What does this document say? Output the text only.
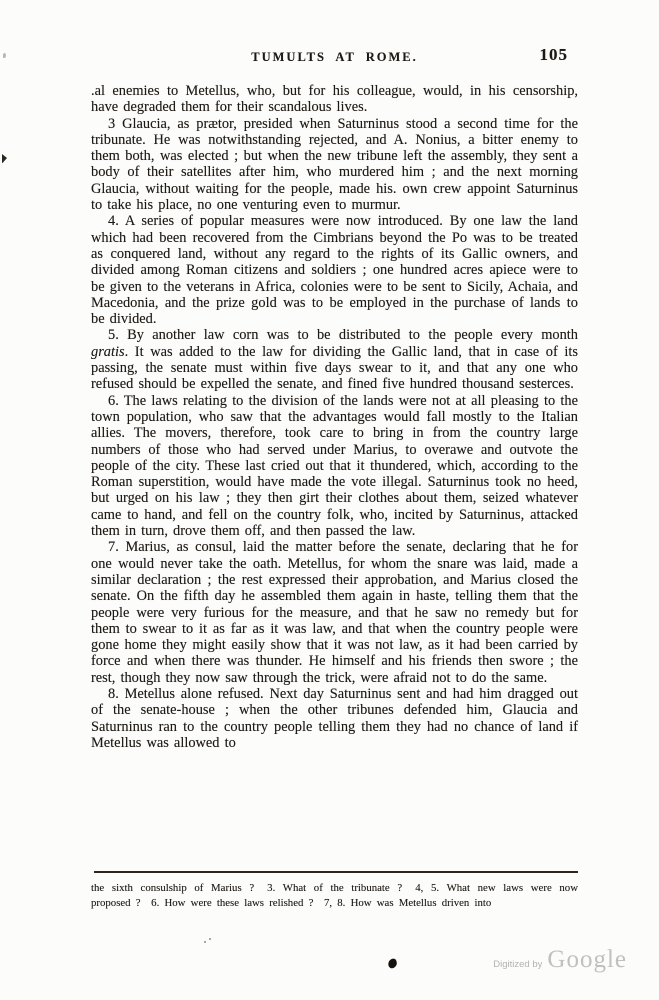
TUMULTS AT ROME.	105

.al enemies to Metellus, who, but for his colleague, would, in his censorship, have degraded them for their scandalous lives.

3 Glaucia, as prætor, presided when Saturninus stood a second time for the tribunate. He was notwithstanding rejected, and A. Nonius, a bitter enemy to them both, was elected ; but when the new tribune left the assembly, they sent a body of their satellites after him, who murdered him ; and the next morning Glaucia, without waiting for the people, made his. own crew appoint Saturninus to take his place, no one venturing even to murmur.

4. A series of popular measures were now introduced. By one law the land which had been recovered from the Cimbrians beyond the Po was to be treated as conquered land, without any regard to the rights of its Gallic owners, and divided among Roman citizens and soldiers ; one hundred acres apiece were to be given to the veterans in Africa, colonies were to be sent to Sicily, Achaia, and Macedonia, and the prize gold was to be employed in the purchase of lands to be divided.

5. By another law corn was to be distributed to the people every month gratis. It was added to the law for dividing the Gallic land, that in case of its passing, the senate must within five days swear to it, and that any one who refused should be expelled the senate, and fined five hundred thousand sesterces.

6. The laws relating to the division of the lands were not at all pleasing to the town population, who saw that the advantages would fall mostly to the Italian allies. The movers, therefore, took care to bring in from the country large numbers of those who had served under Marius, to overawe and outvote the people of the city. These last cried out that it thundered, which, according to the Roman superstition, would have made the vote illegal. Saturninus took no heed, but urged on his law ; they then girt their clothes about them, seized whatever came to hand, and fell on the country folk, who, incited by Saturninus, attacked them in turn, drove them off, and then passed the law.

7. Marius, as consul, laid the matter before the senate, declaring that he for one would never take the oath. Metellus, for whom the snare was laid, made a similar declaration ; the rest expressed their approbation, and Marius closed the senate. On the fifth day he assembled them again in haste, telling them that the people were very furious for the measure, and that he saw no remedy but for them to swear to it as far as it was law, and that when the country people were gone home they might easily show that it was not law, as it had been carried by force and when there was thunder. He himself and his friends then swore ; the rest, though they now saw through the trick, were afraid not to do the same.

8. Metellus alone refused. Next day Saturninus sent and had him dragged out of the senate-house ; when the other tribunes defended him, Glaucia and Saturninus ran to the country people telling them they had no chance of land if Metellus was allowed to

the sixth consulship of Marius ?  3. What of the tribunate ?  4, 5. What new laws were now proposed ?  6. How were these laws relished ?  7, 8. How was Metellus driven into
Digitized by Google
